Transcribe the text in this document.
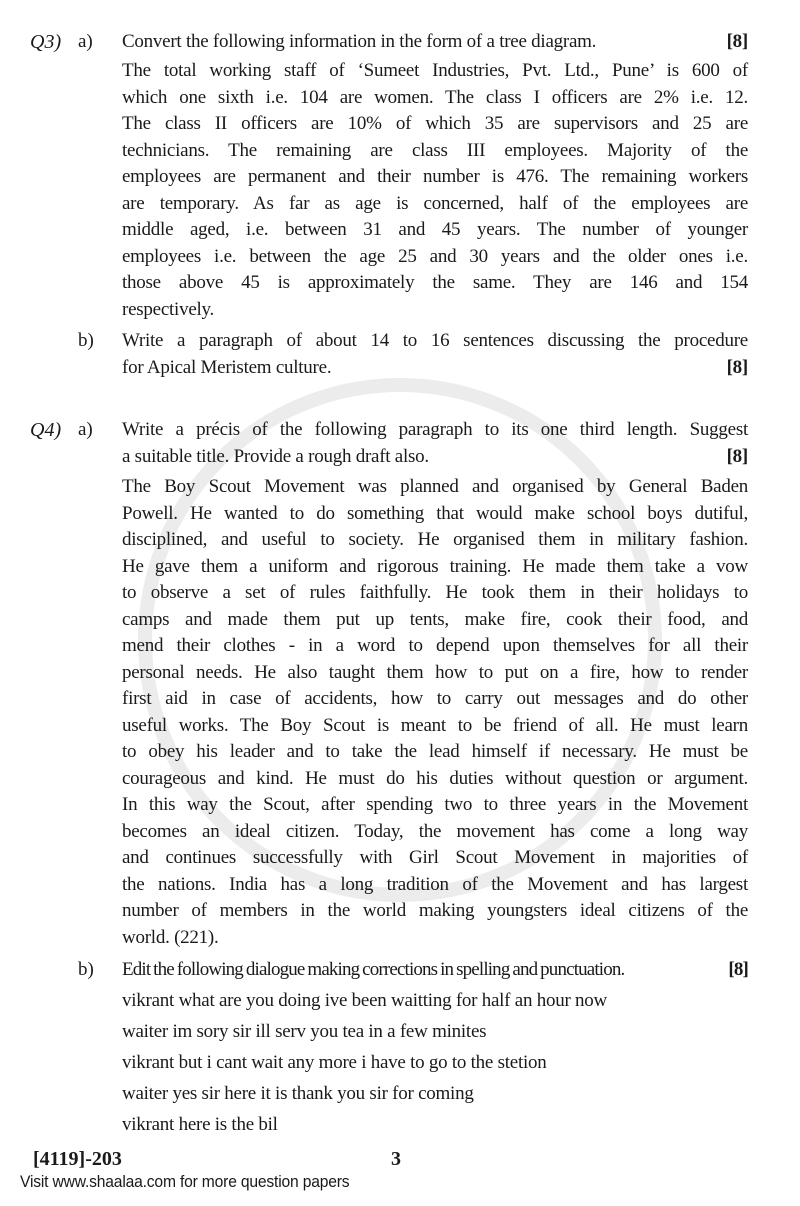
Q3) a) Convert the following information in the form of a tree diagram.	[8]
The total working staff of ‘Sumeet Industries, Pvt. Ltd., Pune’ is 600 of
which one sixth i.e. 104 are women. The class I officers are 2% i.e. 12.
The class II officers are 10% of which 35 are supervisors and 25 are
technicians. The remaining are class III employees. Majority of the
employees are permanent and their number is 476. The remaining workers
are temporary. As far as age is concerned, half of the employees are
middle aged, i.e. between 31 and 45 years. The number of younger
employees i.e. between the age 25 and 30 years and the older ones i.e.
those above 45 is approximately the same. They are 146 and 154
respectively.
b) Write a paragraph of about 14 to 16 sentences discussing the procedure
for Apical Meristem culture.	[8]
Q4) a) Write a précis of the following paragraph to its one third length. Suggest
a suitable title. Provide a rough draft also.	[8]
The Boy Scout Movement was planned and organised by General Baden
Powell. He wanted to do something that would make school boys dutiful,
disciplined, and useful to society. He organised them in military fashion.
He gave them a uniform and rigorous training. He made them take a vow
to observe a set of rules faithfully. He took them in their holidays to
camps and made them put up tents, make fire, cook their food, and
mend their clothes - in a word to depend upon themselves for all their
personal needs. He also taught them how to put on a fire, how to render
first aid in case of accidents, how to carry out messages and do other
useful works. The Boy Scout is meant to be friend of all. He must learn
to obey his leader and to take the lead himself if necessary. He must be
courageous and kind. He must do his duties without question or argument.
In this way the Scout, after spending two to three years in the Movement
becomes an ideal citizen. Today, the movement has come a long way
and continues successfully with Girl Scout Movement in majorities of
the nations. India has a long tradition of the Movement and has largest
number of members in the world making youngsters ideal citizens of the
world. (221).
b) Edit the following dialogue making corrections in spelling and punctuation.	[8]
vikrant what are you doing ive been waitting for half an hour now
waiter im sory sir ill serv you tea in a few minites
vikrant but i cant wait any more i have to go to the stetion
waiter yes sir here it is thank you sir for coming
vikrant here is the bil
[4119]-203	3
Visit www.shaalaa.com for more question papers
